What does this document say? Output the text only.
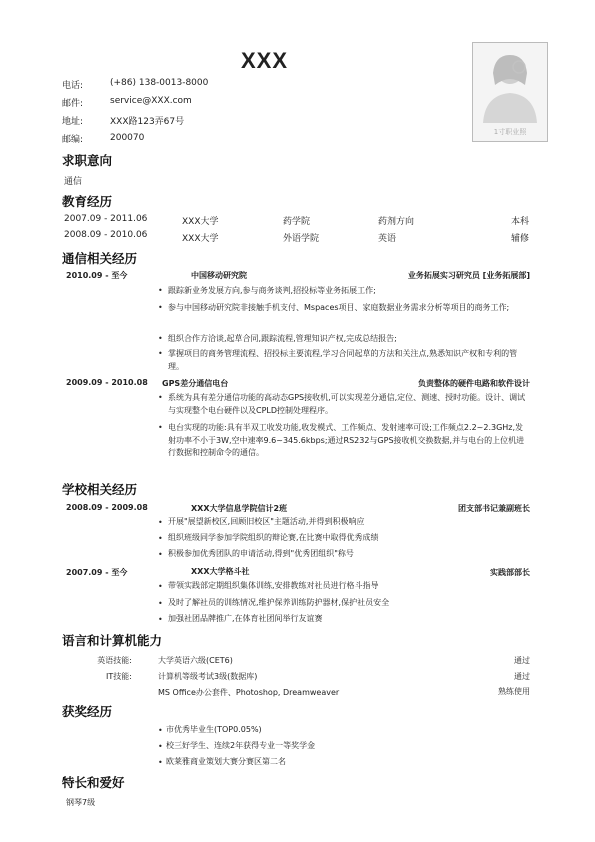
XXX
1寸职业照
电话:	(+86) 138-0013-8000
邮件:	service@XXX.com
地址:	XXX路123弄67号
邮编:	200070
求职意向
通信
教育经历
2007.09 - 2011.06	XXX大学	药学院	药剂方向	本科
2008.09 - 2010.06	XXX大学	外语学院	英语	辅修
通信相关经历
2010.09 - 至今	中国移动研究院	业务拓展实习研究员 [业务拓展部]
• 跟踪新业务发展方向,参与商务谈判,招投标等业务拓展工作;
• 参与中国移动研究院非接触手机支付、Mspaces项目、家庭数据业务需求分析等项目的商务工作;
• 组织合作方洽谈,起草合同,跟踪流程,管理知识产权,完成总结报告;
• 掌握项目的商务管理流程、招投标主要流程,学习合同起草的方法和关注点,熟悉知识产权和专利的管理。
2009.09 - 2010.08 GPS差分通信电台	负责整体的硬件电路和软件设计
• 系统为具有差分通信功能的高动态GPS接收机,可以实现差分通信,定位、测速、授时功能。设计、调试与实现整个电台硬件以及CPLD控制处理程序。
• 电台实现的功能:具有半双工收发功能,收发模式、工作频点、发射速率可设;工作频点2.2~2.3GHz,发射功率不小于3W,空中速率9.6~345.6kbps;通过RS232与GPS接收机交换数据,并与电台的上位机进行数据和控制命令的通信。
学校相关经历
2008.09 - 2009.08	XXX大学信息学院信计2班	团支部书记兼副班长
• 开展"展望新校区,回顾旧校区"主题活动,并得到积极响应
• 组织班级同学参加学院组织的辩论赛,在比赛中取得优秀成绩
• 积极参加优秀团队的申请活动,得到"优秀团组织"称号
2007.09 - 至今	XXX大学格斗社	实践部部长
• 带领实践部定期组织集体训练,安排教练对社员进行格斗指导
• 及时了解社员的训练情况,维护保养训练防护器材,保护社员安全
• 加强社团品牌推广,在体育社团间举行友谊赛
语言和计算机能力
英语技能:	大学英语六级(CET6)	通过
IT技能:	计算机等级考试3级(数据库)	通过
MS Office办公套件、Photoshop, Dreamweaver	熟练使用
获奖经历
• 市优秀毕业生(TOP0.05%)
• 校三好学生、连续2年获得专业一等奖学金
• 欧莱雅商业策划大赛分赛区第二名
特长和爱好
钢琴7级
